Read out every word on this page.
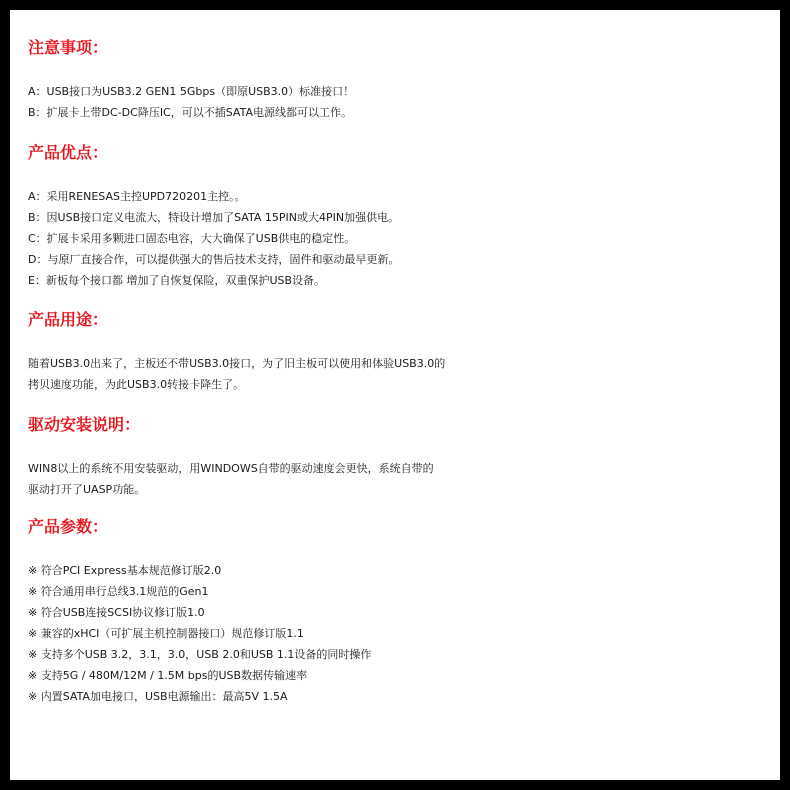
注意事项：
A：USB接口为USB3.2 GEN1 5Gbps（即原USB3.0）标准接口！
B：扩展卡上带DC-DC降压IC，可以不插SATA电源线都可以工作。
产品优点：
A：采用RENESAS主控UPD720201主控。。
B：因USB接口定义电流大，特设计增加了SATA 15PIN或大4PIN加强供电。
C：扩展卡采用多颗进口固态电容，大大确保了USB供电的稳定性。
D：与原厂直接合作，可以提供强大的售后技术支持，固件和驱动最早更新。
E：新板每个接口都 增加了自恢复保险，双重保护USB设备。
产品用途：
随着USB3.0出来了，主板还不带USB3.0接口，为了旧主板可以使用和体验USB3.0的
拷贝速度功能，为此USB3.0转接卡降生了。
驱动安装说明：
WIN8以上的系统不用安装驱动，用WINDOWS自带的驱动速度会更快，系统自带的
驱动打开了UASP功能。
产品参数：
※ 符合PCI Express基本规范修订版2.0
※ 符合通用串行总线3.1规范的Gen1
※ 符合USB连接SCSI协议修订版1.0
※ 兼容的xHCI（可扩展主机控制器接口）规范修订版1.1
※ 支持多个USB 3.2，3.1，3.0，USB 2.0和USB 1.1设备的同时操作
※ 支持5G / 480M/12M / 1.5M bps的USB数据传输速率
※ 内置SATA加电接口，USB电源输出：最高5V 1.5A
